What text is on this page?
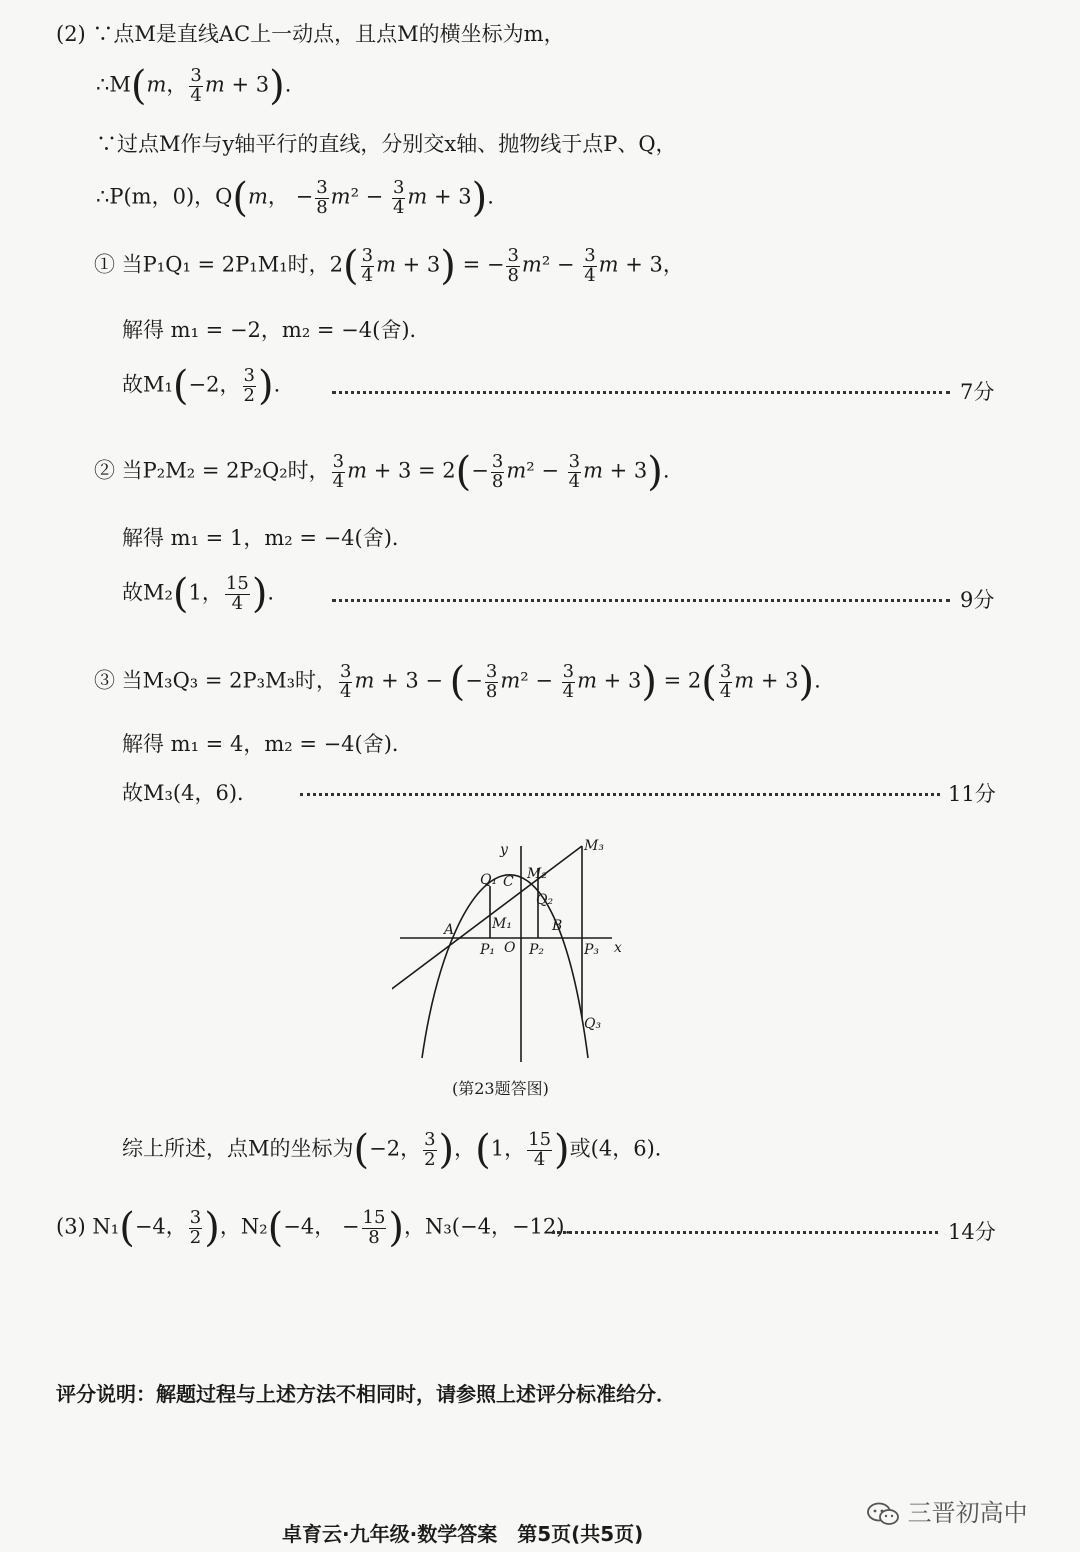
(2) ∵点M是直线AC上一动点，且点M的横坐标为m，
∴M(m， $\frac{3}{4}$ m + 3).
∵过点M作与y轴平行的直线，分别交x轴、抛物线于点P、Q，
∴P(m，0)，Q(m， − $\frac{3}{8} m^2 - \frac{3}{4}$ m + 3).
① 当P₁Q₁ = 2P₁M₁时，$2( \frac{3}{4}$ m + 3) = − $\frac{3}{8} m^2 - \frac{3}{4}$ m + 3，
解得 m₁ = −2，m₂ = −4(舍)．
故M₁(−2， $\frac{3}{2}$ ).	7分
② 当P₂M₂ = 2P₂Q₂时， $\frac{3}{4}$ $m + 3 = 2(- \frac{3}{8} m^2 - \frac{3}{4}$ m + 3).
解得 m₁ = 1，m₂ = −4(舍)．
故M₂(1， $\frac{15}{4}$ ).	9分
③ 当M₃Q₃ = 2P₃M₃时， $\frac{3}{4}$ m + 3 − (− $\frac{3}{8} m^2 - \frac{3}{4}$ $m + 3) = 2( \frac{3}{4}$ m + 3).
解得 m₁ = 4，m₂ = −4(舍)．
故M₃(4，6)．	11分
y
x
O
A	B
C
M₁
M₂
M₃
P₁ P₂	P₃
Q₁
Q₂
Q₃
(第23题答图)
综上所述，点M的坐标为(−2， $\frac{3}{2}$ )，(1， $\frac{15}{4}$ )或(4，6)．
(3) N₁(−4， $\frac{3}{2}$ )，N₂(−4， − $\frac{15}{8}$ )，N₃(−4，−12)．	14分
评分说明：解题过程与上述方法不相同时，请参照上述评分标准给分．
卓育云·九年级·数学答案　第5页(共5页)
三晋初高中
